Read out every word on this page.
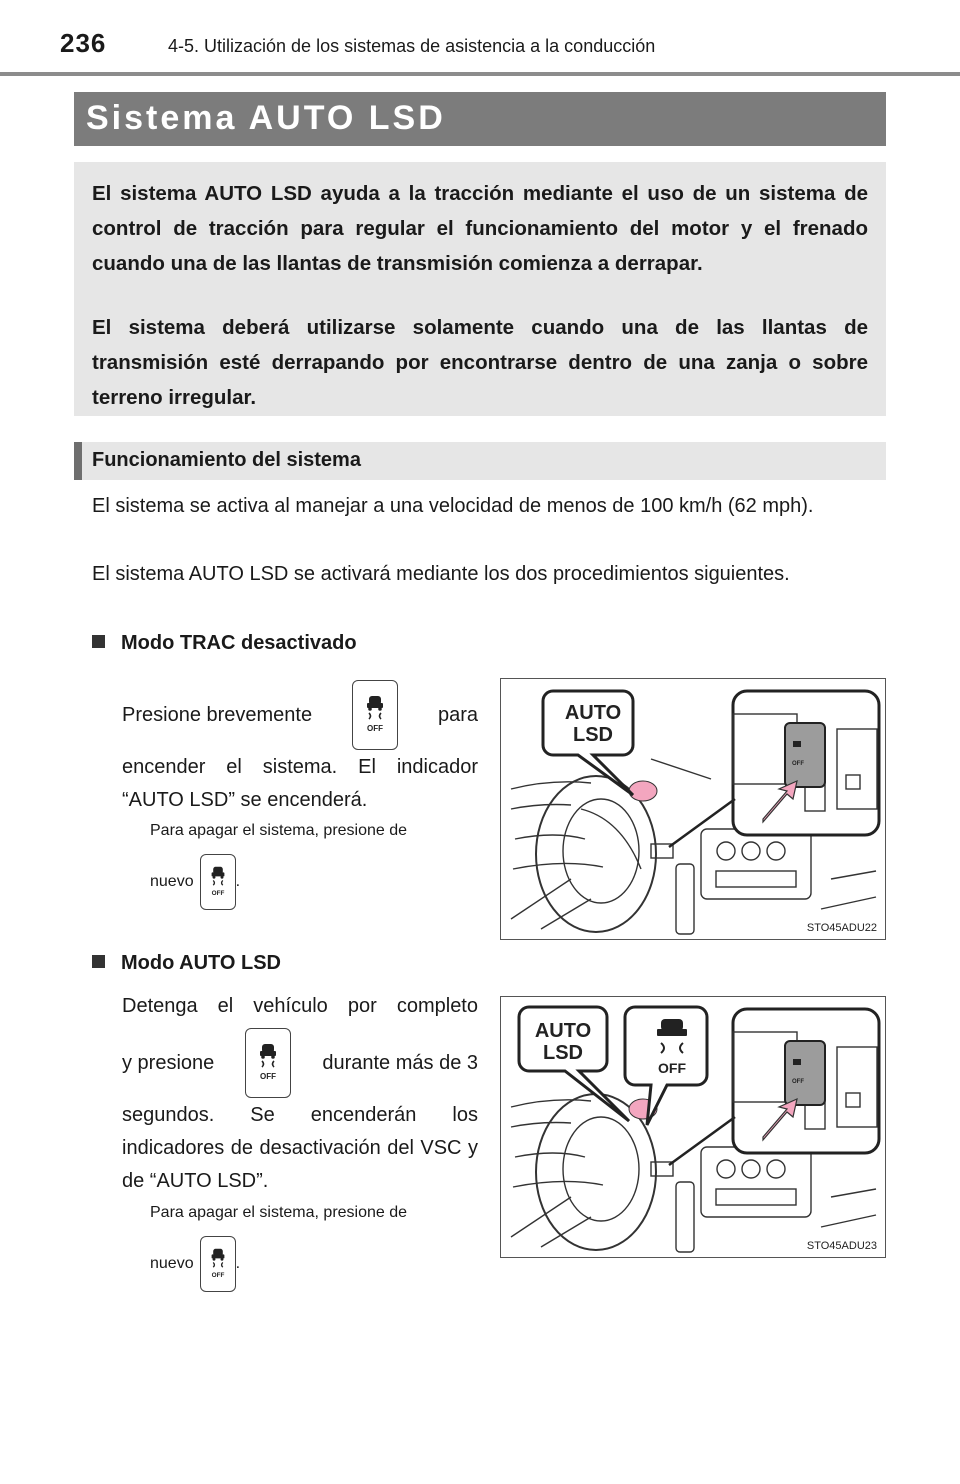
236	4-5. Utilización de los sistemas de asistencia a la conducción
Sistema AUTO LSD

El sistema AUTO LSD ayuda a la tracción mediante el uso de un sistema de control de tracción para regular el funcionamiento del motor y el frenado cuando una de las llantas de transmisión comienza a derrapar.

El sistema deberá utilizarse solamente cuando una de las llantas de transmisión esté derrapando por encontrarse dentro de una zanja o sobre terreno irregular.

Funcionamiento del sistema

El sistema se activa al manejar a una velocidad de menos de 100 km/h (62 mph).

El sistema AUTO LSD se activará mediante los dos procedimientos siguientes.

Modo TRAC desactivado
Presione brevemente
OFF
para
encender el sistema. El indicador “AUTO LSD” se encenderá.
Para apagar el sistema, presione de
nuevo
OFF
.
AUTO
LSD
OFF
STO45ADU22
Modo AUTO LSD
Detenga el vehículo por completo
y presione
OFF
durante más de 3
segundos. Se encenderán los indicadores de desactivación del VSC y de “AUTO LSD”.
Para apagar el sistema, presione de
nuevo
OFF
.
AUTO
LSD
OFF
OFF
STO45ADU23
